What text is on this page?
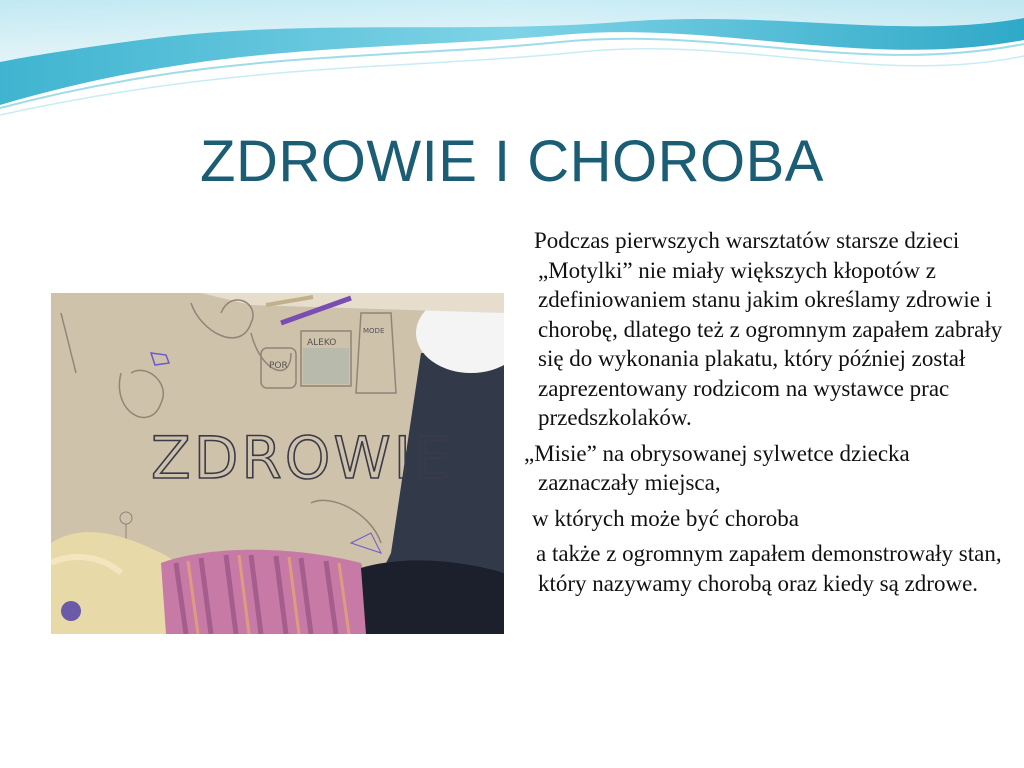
ZDROWIE I CHOROBA
POR
ALEKO
MODE
ZDROWIE

Podczas pierwszych warsztatów starsze dzieci „Motylki” nie miały większych kłopotów z zdefiniowaniem stanu jakim określamy zdrowie i chorobę, dlatego też z ogromnym zapałem zabrały się do wykonania plakatu, który później został zaprezentowany rodzicom na wystawce prac przedszkolaków.

„Misie” na obrysowanej sylwetce dziecka zaznaczały miejsca,

w których może być choroba

a także z ogromnym zapałem demonstrowały stan, który nazywamy chorobą oraz kiedy są zdrowe.
